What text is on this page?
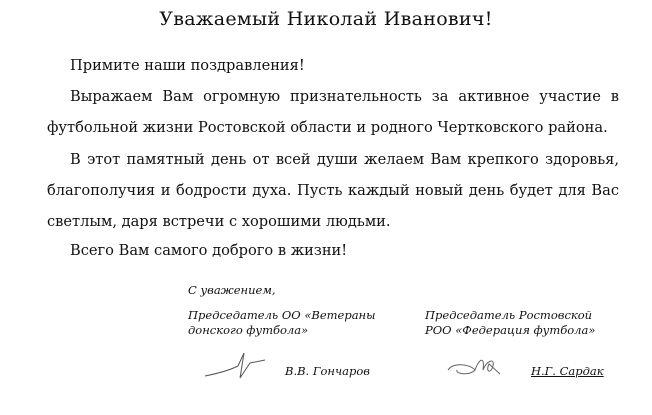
Уважаемый Николай Иванович!
Примите наши поздравления!
Выражаем Вам огромную признательность за активное участие в футбольной жизни Ростовской области и родного Чертковского района.
В этот памятный день от всей души желаем Вам крепкого здоровья, благополучия и бодрости духа. Пусть каждый новый день будет для Вас светлым, даря встречи с хорошими людьми.
Всего Вам самого доброго в жизни!
С уважением,
Председатель ОО «Ветераны
донского футбола»
Председатель Ростовской
РОО «Федерация футбола»
В.В. Гончаров	Н.Г. Сардак
